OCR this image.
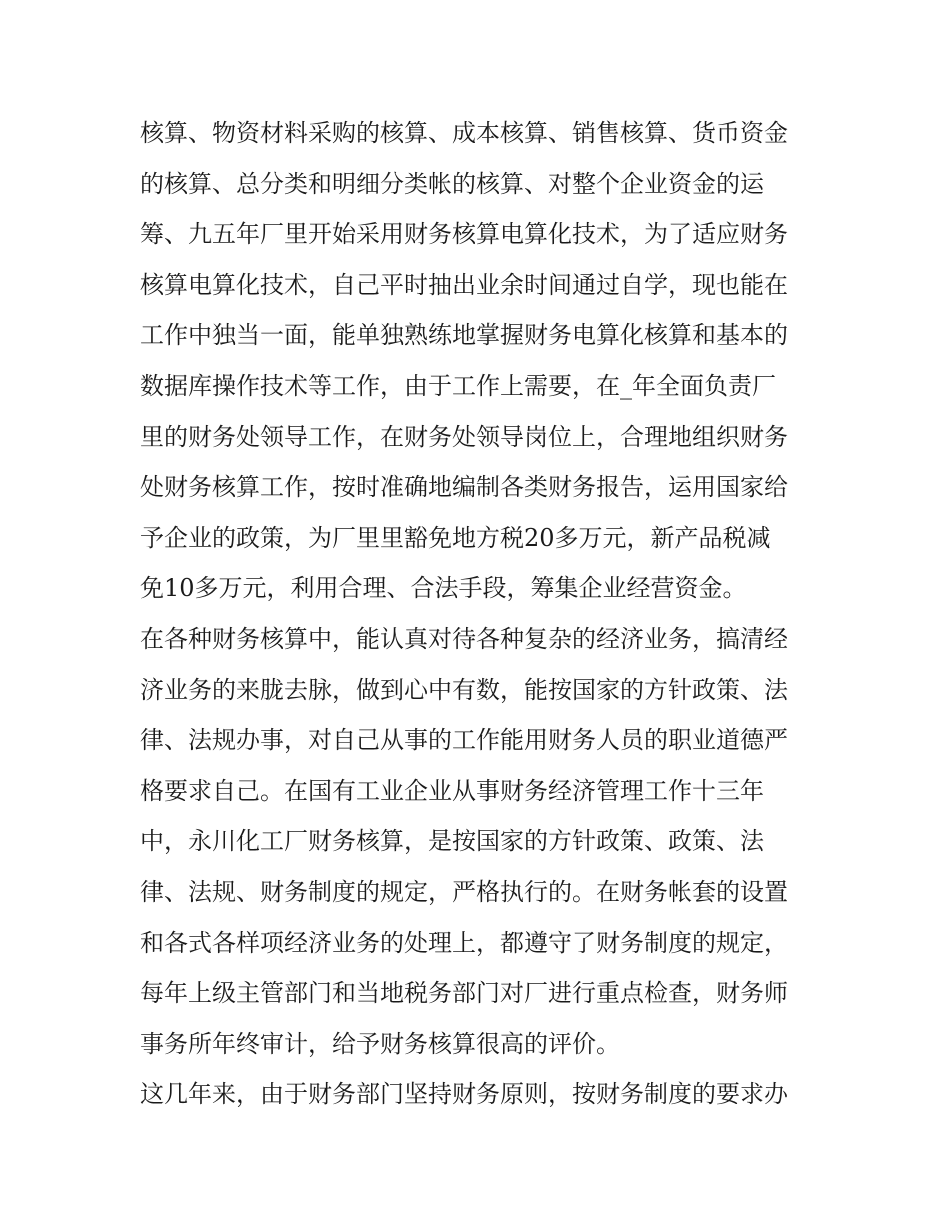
核算、物资材料采购的核算、成本核算、销售核算、货币资金
的核算、总分类和明细分类帐的核算、对整个企业资金的运
筹、九五年厂里开始采用财务核算电算化技术，为了适应财务
核算电算化技术，自己平时抽出业余时间通过自学，现也能在
工作中独当一面，能单独熟练地掌握财务电算化核算和基本的
数据库操作技术等工作，由于工作上需要，在_年全面负责厂
里的财务处领导工作，在财务处领导岗位上，合理地组织财务
处财务核算工作，按时准确地编制各类财务报告，运用国家给
予企业的政策，为厂里里豁免地方税20多万元，新产品税减
免10多万元，利用合理、合法手段，筹集企业经营资金。
在各种财务核算中，能认真对待各种复杂的经济业务，搞清经
济业务的来胧去脉，做到心中有数，能按国家的方针政策、法
律、法规办事，对自己从事的工作能用财务人员的职业道德严
格要求自己。在国有工业企业从事财务经济管理工作十三年
中，永川化工厂财务核算，是按国家的方针政策、政策、法
律、法规、财务制度的规定，严格执行的。在财务帐套的设置
和各式各样项经济业务的处理上，都遵守了财务制度的规定，
每年上级主管部门和当地税务部门对厂进行重点检查，财务师
事务所年终审计，给予财务核算很高的评价。
这几年来，由于财务部门坚持财务原则，按财务制度的要求办
